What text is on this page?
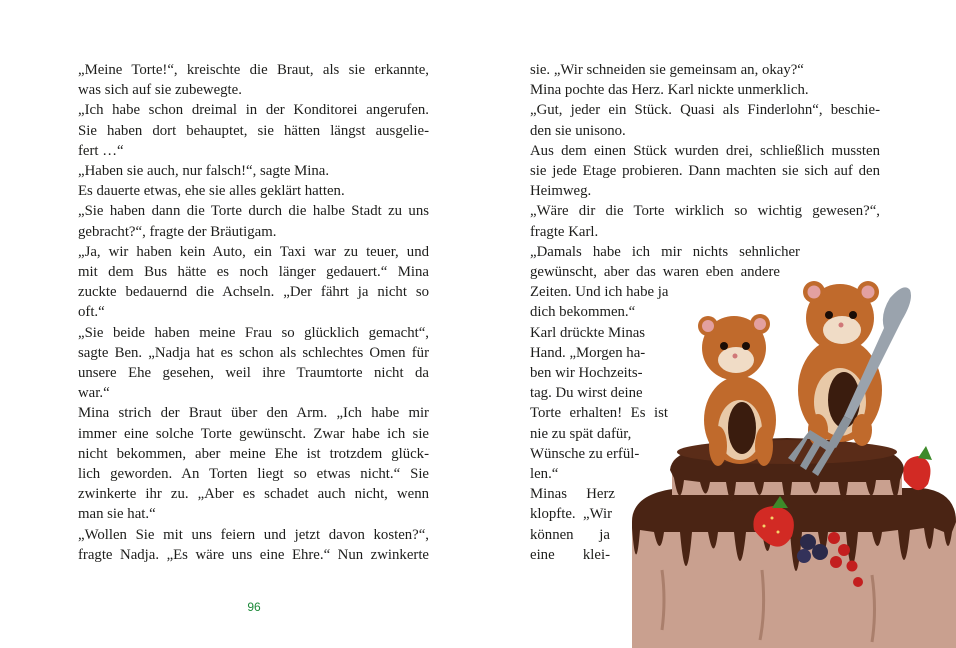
„Meine Torte!“, kreischte die Braut, als sie erkannte,
was sich auf sie zubewegte.
„Ich habe schon dreimal in der Konditorei angerufen.
Sie haben dort behauptet, sie hätten längst ausgelie-
fert …“
„Haben sie auch, nur falsch!“, sagte Mina.
Es dauerte etwas, ehe sie alles geklärt hatten.
„Sie haben dann die Torte durch die halbe Stadt zu uns
gebracht?“, fragte der Bräutigam.
„Ja, wir haben kein Auto, ein Taxi war zu teuer, und
mit dem Bus hätte es noch länger gedauert.“ Mina
zuckte bedauernd die Achseln. „Der fährt ja nicht so
oft.“
„Sie beide haben meine Frau so glücklich gemacht“,
sagte Ben. „Nadja hat es schon als schlechtes Omen für
unsere Ehe gesehen, weil ihre Traumtorte nicht da
war.“
Mina strich der Braut über den Arm. „Ich habe mir
immer eine solche Torte gewünscht. Zwar habe ich sie
nicht bekommen, aber meine Ehe ist trotzdem glück-
lich geworden. An Torten liegt so etwas nicht.“ Sie
zwinkerte ihr zu. „Aber es schadet auch nicht, wenn
man sie hat.“
„Wollen Sie mit uns feiern und jetzt davon kosten?“,
fragte Nadja. „Es wäre uns eine Ehre.“ Nun zwinkerte
96
sie. „Wir schneiden sie gemeinsam an, okay?“
Mina pochte das Herz. Karl nickte unmerklich.
„Gut, jeder ein Stück. Quasi als Finderlohn“, beschie-
den sie unisono.
Aus dem einen Stück wurden drei, schließlich mussten
sie jede Etage probieren. Dann machten sie sich auf den
Heimweg.
„Wäre dir die Torte wirklich so wichtig gewesen?“,
fragte Karl.
„Damals habe ich mir nichts sehnlicher
gewünscht, aber das waren eben andere
Zeiten. Und ich habe ja
dich bekommen.“
Karl drückte Minas
Hand. „Morgen ha-
ben wir Hochzeits-
tag. Du wirst deine
Torte erhalten! Es ist
nie zu spät dafür,
Wünsche zu erfül-
len.“
Minas Herz
klopfte. „Wir
können ja
eine klei-
